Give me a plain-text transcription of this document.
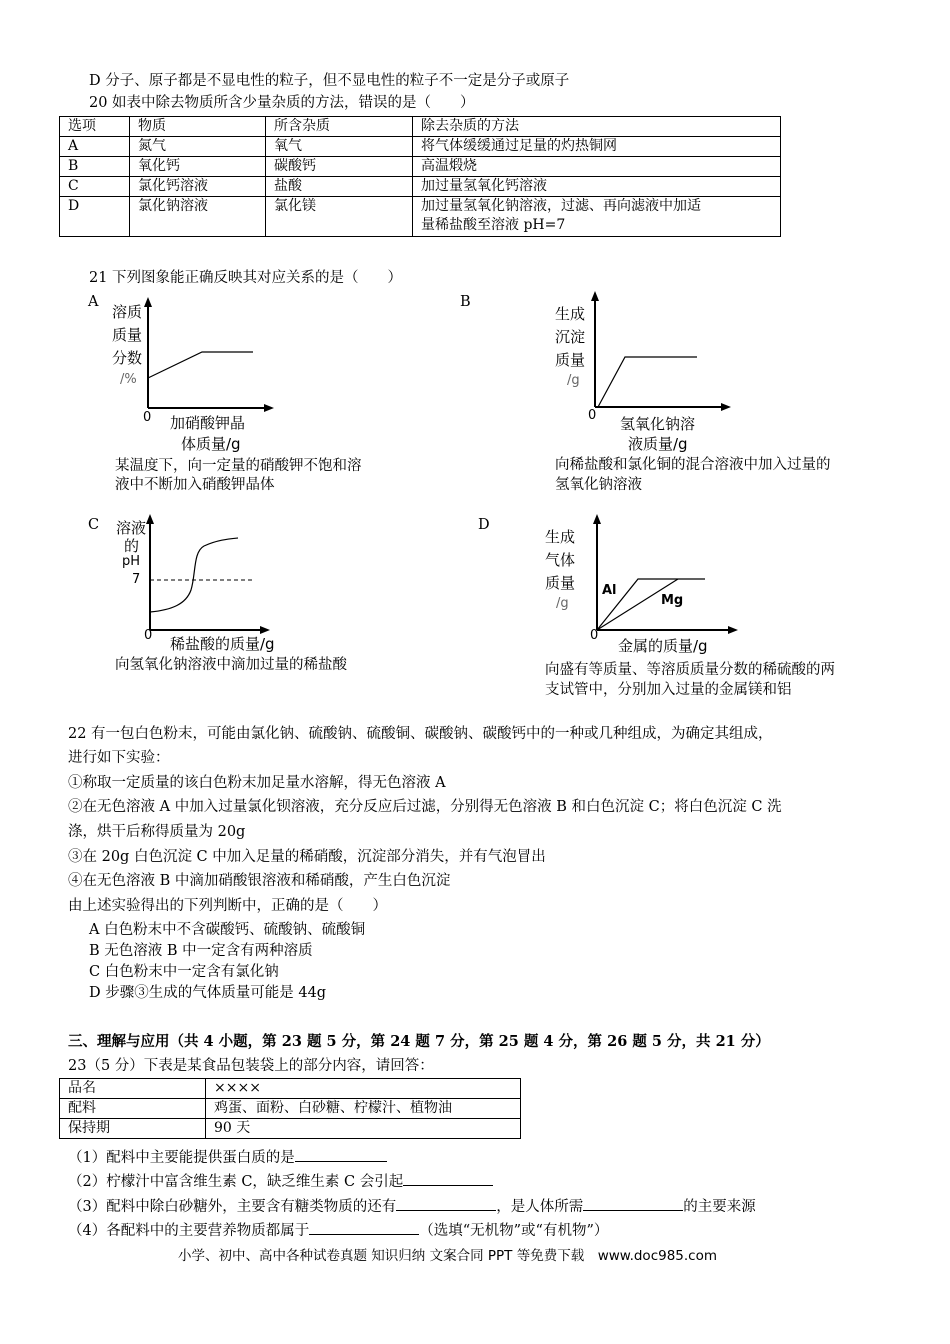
D 分子、原子都是不显电性的粒子，但不显电性的粒子不一定是分子或原子
20 如表中除去物质所含少量杂质的方法，错误的是（　　）
选项	物质	所含杂质	除去杂质的方法
A	氮气	氧气	将气体缓缓通过足量的灼热铜网
B	氧化钙	碳酸钙	高温煅烧
C	氯化钙溶液	盐酸	加过量氢氧化钙溶液
D	氯化钠溶液	氯化镁	加过量氢氧化钠溶液，过滤、再向滤液中加适
量稀盐酸至溶液 pH=7
21 下列图象能正确反映其对应关系的是（　　）
A
溶质
质量
分数
/%
0 加硝酸钾晶
体质量/g
某温度下，向一定量的硝酸钾不饱和溶
液中不断加入硝酸钾晶体
B
生成
沉淀
质量
/g
0 氢氧化钠溶
液质量/g
向稀盐酸和氯化铜的混合溶液中加入过量的
氢氧化钠溶液
C 溶液
的
pH
7
0 稀盐酸的质量/g
向氢氧化钠溶液中滴加过量的稀盐酸
D
生成
气体
质量
/g
Al
Mg
0
金属的质量/g
向盛有等质量、等溶质质量分数的稀硫酸的两
支试管中，分别加入过量的金属镁和铝
22 有一包白色粉末，可能由氯化钠、硫酸钠、硫酸铜、碳酸钠、碳酸钙中的一种或几种组成，为确定其组成，
进行如下实验：
①称取一定质量的该白色粉末加足量水溶解，得无色溶液 A
②在无色溶液 A 中加入过量氯化钡溶液，充分反应后过滤，分别得无色溶液 B 和白色沉淀 C；将白色沉淀 C 洗
涤，烘干后称得质量为 20g
③在 20g 白色沉淀 C 中加入足量的稀硝酸，沉淀部分消失，并有气泡冒出
④在无色溶液 B 中滴加硝酸银溶液和稀硝酸，产生白色沉淀
由上述实验得出的下列判断中，正确的是（　　）
A 白色粉末中不含碳酸钙、硫酸钠、硫酸铜
B 无色溶液 B 中一定含有两种溶质
C 白色粉末中一定含有氯化钠
D 步骤③生成的气体质量可能是 44g
三、理解与应用（共 4 小题，第 23 题 5 分，第 24 题 7 分，第 25 题 4 分，第 26 题 5 分，共 21 分）
23（5 分）下表是某食品包装袋上的部分内容，请回答：
品名	××××
配料	鸡蛋、面粉、白砂糖、柠檬汁、植物油
保持期	90 天
（1）配料中主要能提供蛋白质的是
（2）柠檬汁中富含维生素 C，缺乏维生素 C 会引起
（3）配料中除白砂糖外，主要含有糖类物质的还有	，是人体所需	的主要来源
（4）各配料中的主要营养物质都属于	（选填“无机物”或“有机物”）
小学、初中、高中各种试卷真题 知识归纳 文案合同 PPT 等免费下载　www.doc985.com
